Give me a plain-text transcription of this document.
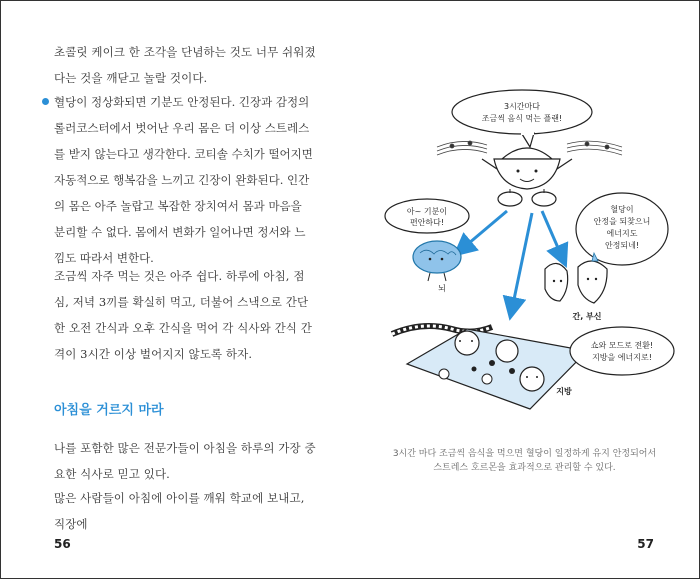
초콜릿 케이크 한 조각을 단념하는 것도 너무 쉬워졌다는 것을 깨닫고 놀랄 것이다.
혈당이 정상화되면 기분도 안정된다. 긴장과 감정의 롤러코스터에서 벗어난 우리 몸은 더 이상 스트레스를 받지 않는다고 생각한다. 코티솔 수치가 떨어지면 자동적으로 행복감을 느끼고 긴장이 완화된다. 인간의 몸은 아주 놀랍고 복잡한 장치여서 몸과 마음을 분리할 수 없다. 몸에서 변화가 일어나면 정서와 느낌도 따라서 변한다.
조금씩 자주 먹는 것은 아주 쉽다. 하루에 아침, 점심, 저녁 3끼를 확실히 먹고, 더불어 스낵으로 간단한 오전 간식과 오후 간식을 먹어 각 식사와 간식 간격이 3시간 이상 벌어지지 않도록 하자.
아침을 거르지 마라
나를 포함한 많은 전문가들이 아침을 하루의 가장 중요한 식사로 믿고 있다.
많은 사람들이 아침에 아이를 깨워 학교에 보내고, 직장에
56
3시간마다
조금씩 음식 먹는 플랜!
아~ 기분이
편안하다!
뇌
혈당이
안정을 되찾으니
에너지도
안정되네!
간, 부신
지방
쇼와 모드로 전환!
지방을 에너지로!
3시간 마다 조금씩 음식을 먹으면 혈당이 일정하게 유지 안정되어서
스트레스 호르몬을 효과적으로 관리할 수 있다.
57
